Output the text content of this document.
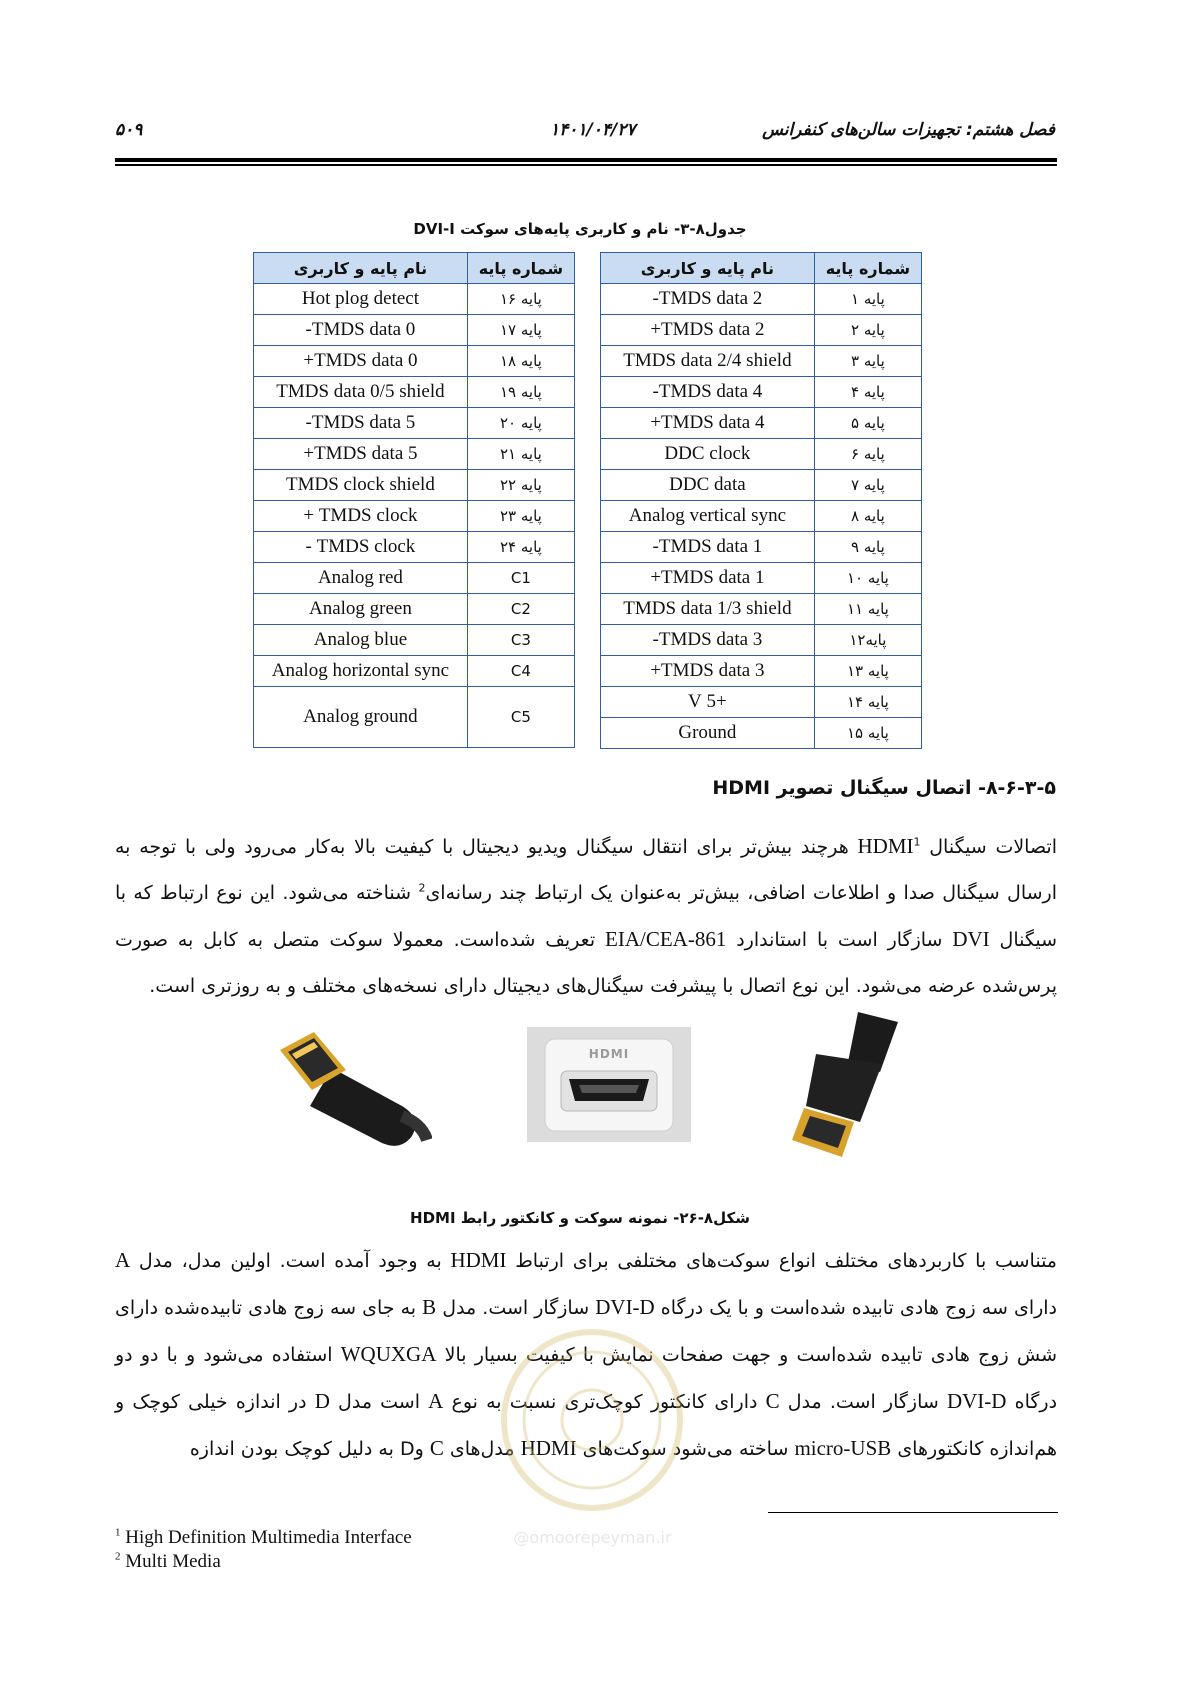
فصل هشتم: تجهیزات سالن‌های کنفرانس
۱۴۰۱/۰۴/۲۷
۵۰۹
جدول۸-۳- نام و کاربری پایه‌های سوکت DVI-I
شماره پایه	نام پایه و کاربری
پایه ۱	TMDS data 2-
پایه ۲	TMDS data 2+
پایه ۳	TMDS data 2/4 shield
پایه ۴	TMDS data 4-
پایه ۵	TMDS data 4+
پایه ۶	DDC clock
پایه ۷	DDC data
پایه ۸	Analog vertical sync
پایه ۹	TMDS data 1-
پایه ۱۰	TMDS data 1+
پایه ۱۱	TMDS data 1/3 shield
پایه۱۲	TMDS data 3-
پایه ۱۳	TMDS data 3+
پایه ۱۴	+5 V
پایه ۱۵	Ground
شماره پایه	نام پایه و کاربری
پایه ۱۶	Hot plog detect
پایه ۱۷	TMDS data 0-
پایه ۱۸	TMDS data 0+
پایه ۱۹	TMDS data 0/5 shield
پایه ۲۰	TMDS data 5-
پایه ۲۱	TMDS data 5+
پایه ۲۲	TMDS clock shield
پایه ۲۳	TMDS clock +
پایه ۲۴	TMDS clock -
C1	Analog red
C2	Analog green
C3	Analog blue
C4	Analog horizontal sync
C5	Analog ground

۸-۶-۳-۵- اتصال سیگنال تصویر HDMI
اتصالات سیگنال HDMI$^1$ هرچند بیش‌تر برای انتقال سیگنال ویدیو دیجیتال با کیفیت بالا به‌کار می‌رود ولی با توجه به ارسال سیگنال صدا و اطلاعات اضافی، بیش‌تر به‌عنوان یک ارتباط چند رسانه‌ای$^2$ شناخته می‌شود. این نوع ارتباط که با سیگنال DVI سازگار است با استاندارد EIA/CEA-861 تعریف شده‌است. معمولا سوکت متصل به کابل به صورت پرس‌شده عرضه می‌شود. این نوع اتصال با پیشرفت سیگنال‌های دیجیتال دارای نسخه‌های مختلف و به روزتری است.
HDMI
شکل۸-۲۶- نمونه سوکت و کانکتور رابط HDMI
متناسب با کاربردهای مختلف انواع سوکت‌های مختلفی برای ارتباط HDMI به وجود آمده است. اولین مدل، مدل A دارای سه زوج هادی تابیده شده‌است و با یک درگاه DVI-D سازگار است. مدل B به جای سه زوج هادی تابیده‌شده دارای شش زوج هادی تابیده شده‌است و جهت صفحات نمایش با کیفیت بسیار بالا WQUXGA استفاده می‌شود و با دو دو درگاه DVI-D سازگار است. مدل C دارای کانکتور کوچک‌تری نسبت به نوع A است مدل D در اندازه خیلی کوچک و هم‌اندازه کانکتورهای micro-USB ساخته می‌شود سوکت‌های HDMI مدل‌های C وD به دلیل کوچک بودن اندازه
@omoorepeyman.ir
$^1$ High Definition Multimedia Interface
$^2$ Multi Media
